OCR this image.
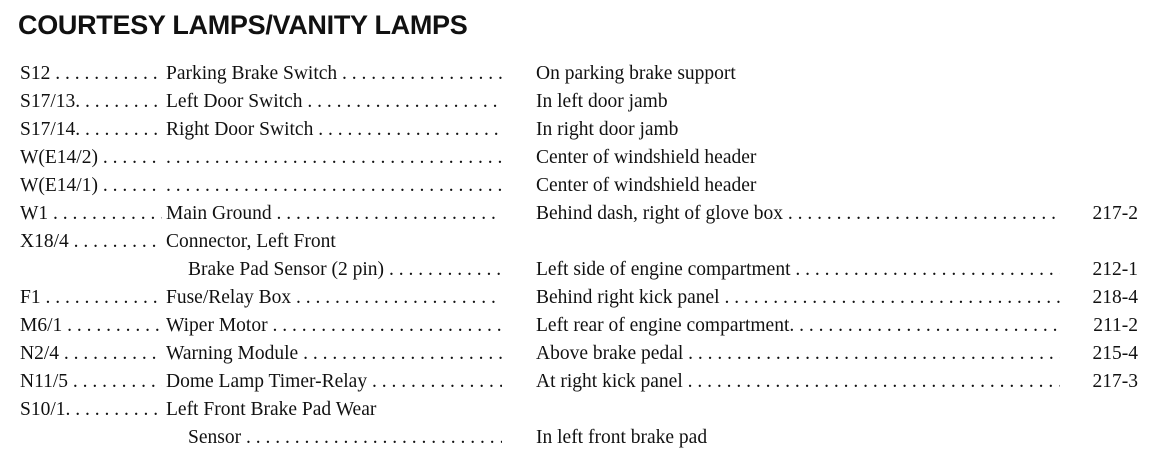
COURTESY LAMPS/VANITY LAMPS
S12 . . .	Parking Brake Switch . . .	On parking brake support
S17/13. . . .	Left Door Switch . . .	In left door jamb
S17/14. . . .	Right Door Switch . . .	In right door jamb
W(E14/2) . . . . . .	Center of windshield header
W(E14/1) . . . . . .	Center of windshield header
W1 . . .	Main Ground . . .	Behind dash, right of glove box . . .	217-2
X18/4 . . .	Connector, Left Front
Brake Pad Sensor (2 pin) . . .	Left side of engine compartment . . .	212-1
F1 . . .	Fuse/Relay Box . . .	Behind right kick panel . . .	218-4
M6/1 . . .	Wiper Motor . . .	Left rear of engine compartment. . . .	211-2
N2/4 . . .	Warning Module . . .	Above brake pedal . . .	215-4
N11/5 . . .	Dome Lamp Timer-Relay . . .	At right kick panel . . .	217-3
S10/1. . . .	Left Front Brake Pad Wear
Sensor . . .	In left front brake pad
